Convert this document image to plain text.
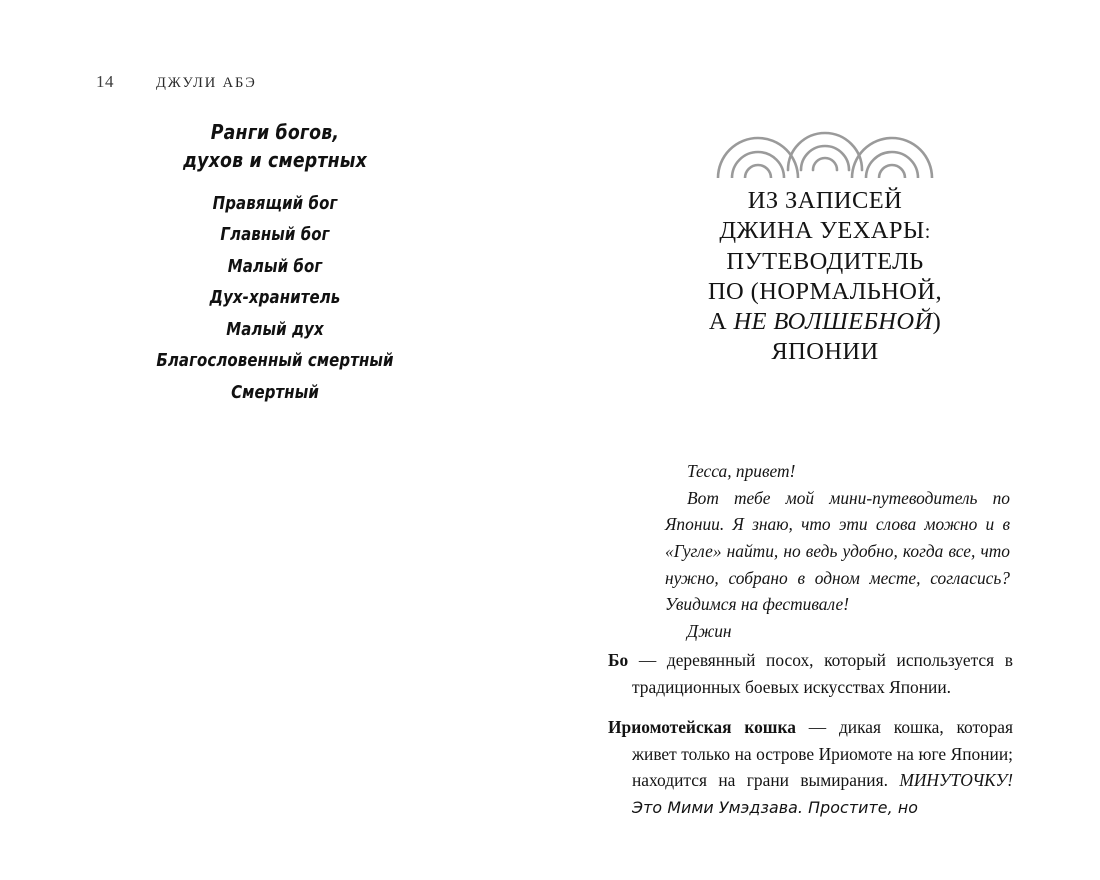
14	ДЖУЛИ АБЭ
Ранги богов,
духов и смертных
Правящий бог
Главный бог
Малый бог
Дух-хранитель
Малый дух
Благословенный смертный
Смертный
ИЗ ЗАПИСЕЙ
ДЖИНА УЕХАРЫ:
ПУТЕВОДИТЕЛЬ
ПО (НОРМАЛЬНОЙ,
А НЕ ВОЛШЕБНОЙ)
ЯПОНИИ

Тесса, привет!

Вот тебе мой мини-путеводитель по Японии. Я знаю, что эти слова можно и в «Гугле» найти, но ведь удобно, когда все, что нужно, собрано в одном месте, согласись? Увидимся на фестивале!

Джин

Бо — деревянный посох, который используется в традиционных боевых искусствах Японии.

Ириомотейская кошка — дикая кошка, которая живет только на острове Ириомоте на юге Японии; находится на грани вымирания. МИНУТОЧКУ! Это Мими Умэдзава. Простите, но
